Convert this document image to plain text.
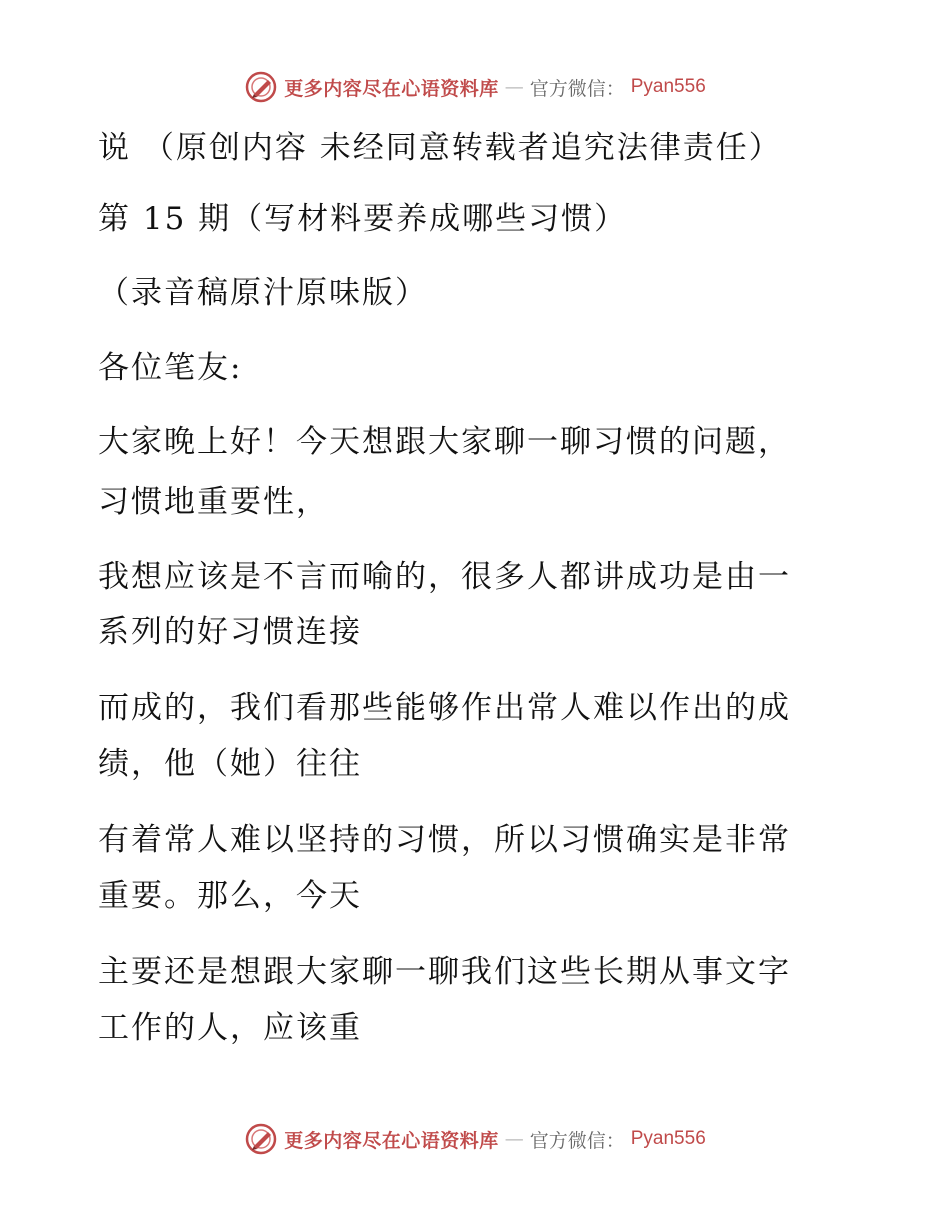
更多内容尽在心语资料库 — 官方微信： Pyan556
说 （原创内容 未经同意转载者追究法律责任）
第 15 期（写材料要养成哪些习惯）
（录音稿原汁原味版）
各位笔友:
大家晚上好！今天想跟大家聊一聊习惯的问题，
习惯地重要性，
我想应该是不言而喻的，很多人都讲成功是由一
系列的好习惯连接
而成的，我们看那些能够作出常人难以作出的成
绩，他（她）往往
有着常人难以坚持的习惯，所以习惯确实是非常
重要。那么，今天
主要还是想跟大家聊一聊我们这些长期从事文字
工作的人，应该重
更多内容尽在心语资料库 — 官方微信： Pyan556
